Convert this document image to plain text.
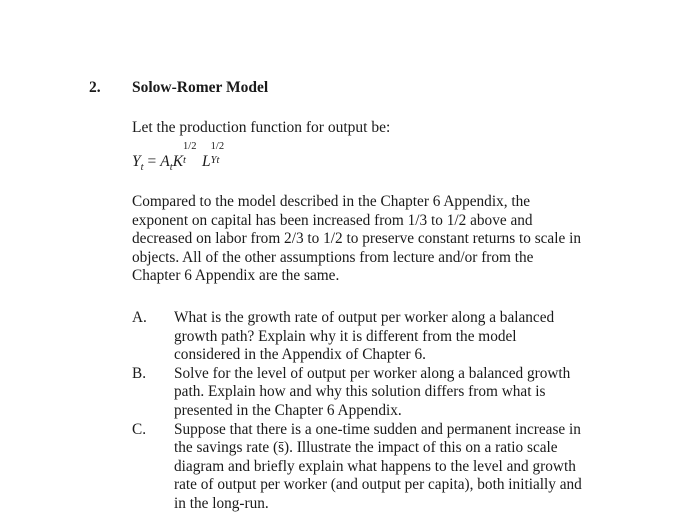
2. Solow-Romer Model
Let the production function for output be:
$Y_t = A_tK$
1/2
t L
1/2
Yt
Compared to the model described in the Chapter 6 Appendix, the
exponent on capital has been increased from 1/3 to 1/2 above and
decreased on labor from 2/3 to 1/2 to preserve constant returns to scale in
objects. All of the other assumptions from lecture and/or from the
Chapter 6 Appendix are the same.
A.	What is the growth rate of output per worker along a balanced
growth path? Explain why it is different from the model
considered in the Appendix of Chapter 6.
B.	Solve for the level of output per worker along a balanced growth
path. Explain how and why this solution differs from what is
presented in the Chapter 6 Appendix.
C.	Suppose that there is a one-time sudden and permanent increase in
the savings rate (s̄). Illustrate the impact of this on a ratio scale
diagram and briefly explain what happens to the level and growth
rate of output per worker (and output per capita), both initially and
in the long-run.
